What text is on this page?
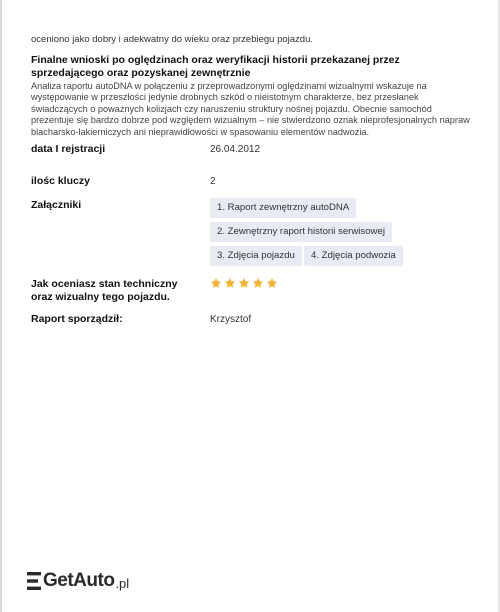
oceniono jako dobry i adekwatny do wieku oraz przebiegu pojazdu.
Finalne wnioski po oględzinach oraz weryfikacji historii przekazanej przez sprzedającego oraz pozyskanej zewnętrznie
Analiza raportu autoDNA w połączeniu z przeprowadzonymi oględzinami wizualnymi wskazuje na występowanie w przeszłości jedynie drobnych szkód o nieistotnym charakterze, bez przesłanek świadczących o poważnych kolizjach czy naruszeniu struktury nośnej pojazdu. Obecnie samochód prezentuje się bardzo dobrze pod względem wizualnym – nie stwierdzono oznak nieprofesjonalnych napraw blacharsko-lakierniczych ani nieprawidłowości w spasowaniu elementów nadwozia.
data I rejstracji	26.04.2012
ilośc kluczy	2
Załączniki	1. Raport zewnętrzny autoDNA
2. Zewnętrzny raport historii serwisowej
3. Zdjęcia pojazdu	4. Zdjęcia podwozia
Jak oceniasz stan techniczny oraz wizualny tego pojazdu.
Raport sporządził:	Krzysztof
GetAuto .pl
